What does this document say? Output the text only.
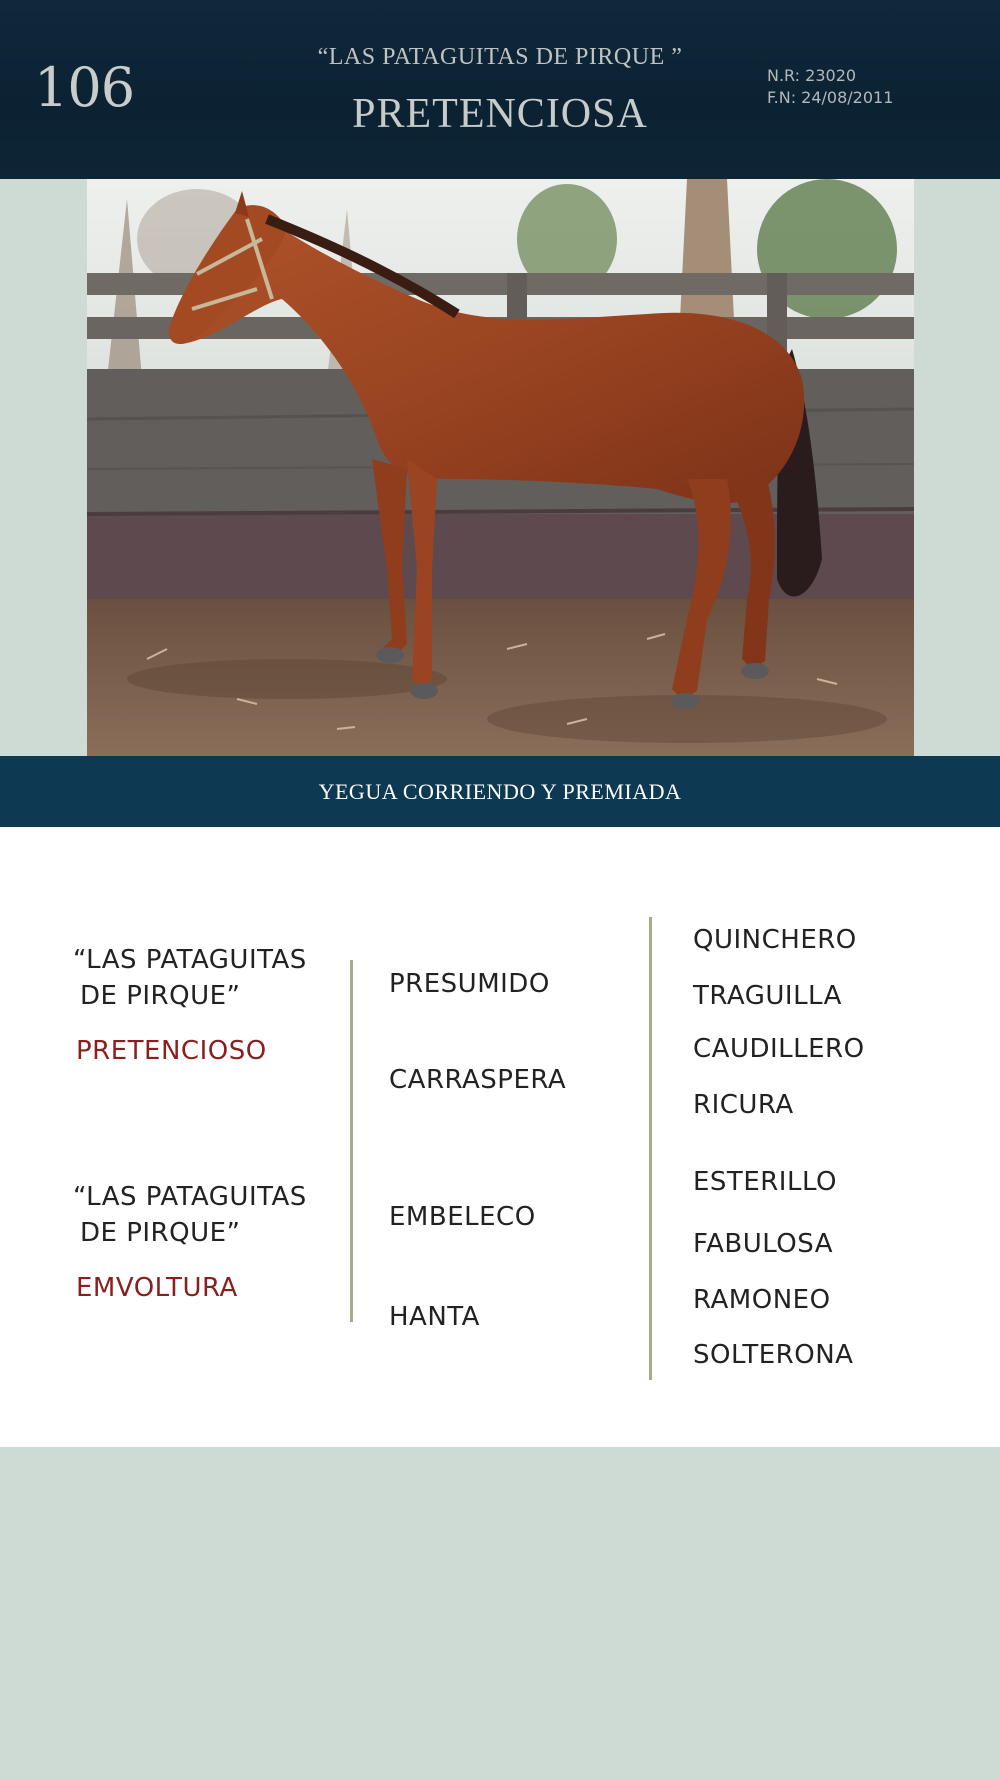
106	“LAS PATAGUITAS DE PIRQUE ”
PRETENCIOSA
N.R: 23020
F.N: 24/08/2011
YEGUA CORRIENDO Y PREMIADA
“LAS PATAGUITAS
DE PIRQUE”
PRETENCIOSO
“LAS PATAGUITAS
DE PIRQUE”
EMVOLTURA
PRESUMIDO
CARRASPERA
EMBELECO
HANTA
QUINCHERO
TRAGUILLA
CAUDILLERO
RICURA
ESTERILLO
FABULOSA
RAMONEO
SOLTERONA
